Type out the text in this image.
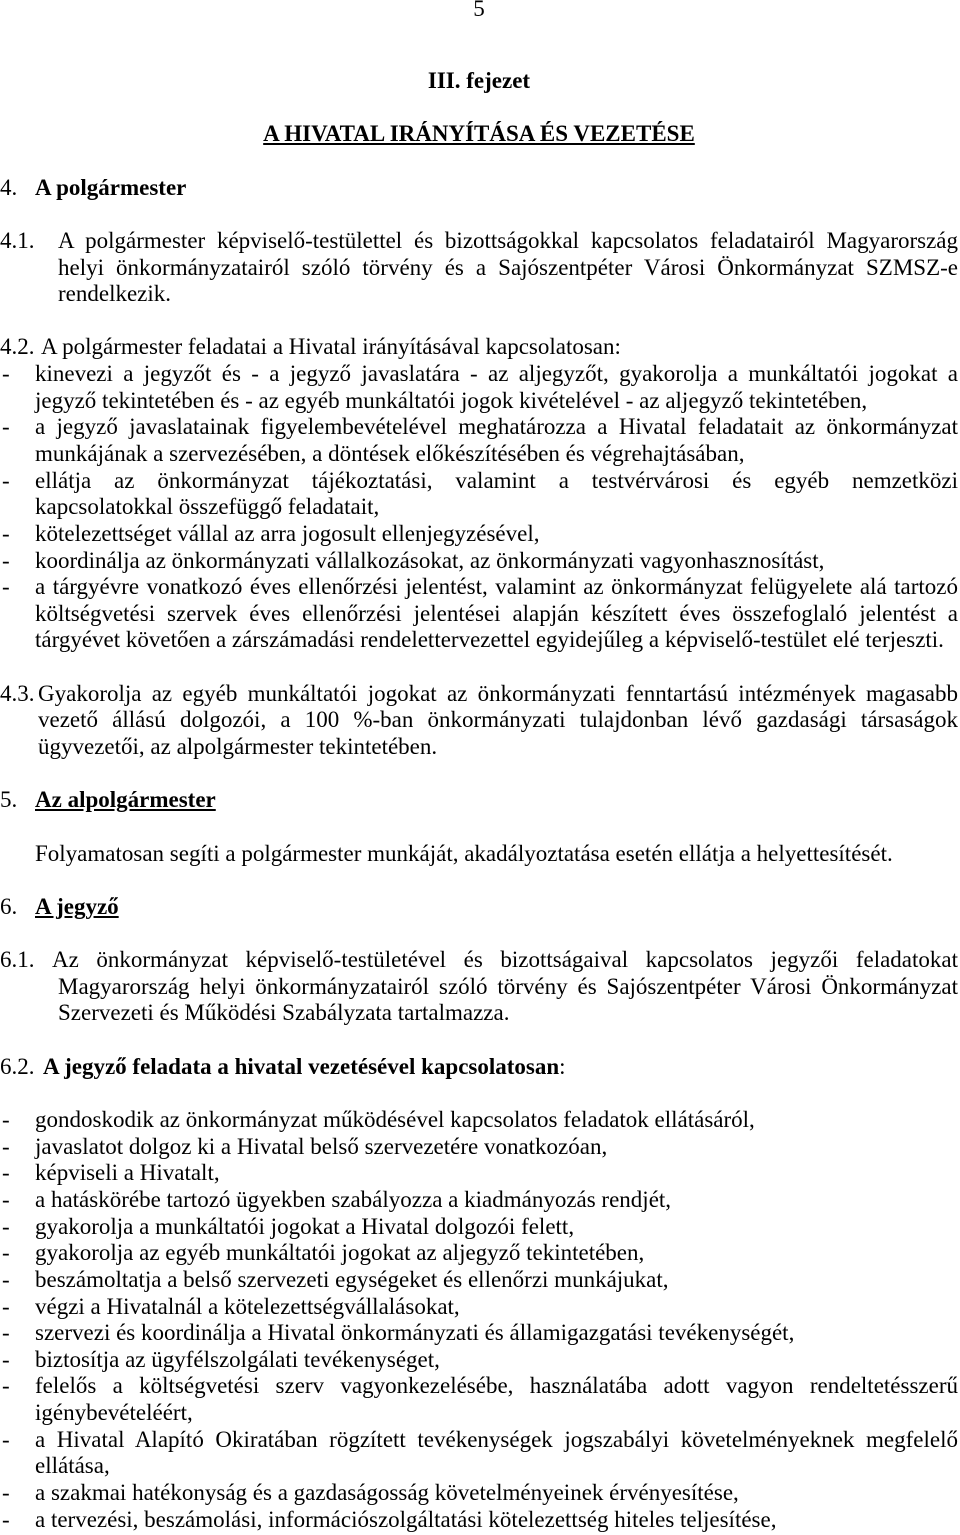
5
III. fejezet
A HIVATAL IRÁNYÍTÁSA ÉS VEZETÉSE
4. A polgármester
4.1. A polgármester képviselő-testülettel és bizottságokkal kapcsolatos feladatairól Magyarország
helyi önkormányzatairól szóló törvény és a Sajószentpéter Városi Önkormányzat SZMSZ-e
rendelkezik.
4.2. A polgármester feladatai a Hivatal irányításával kapcsolatosan:
- kinevezi a jegyzőt és - a jegyző javaslatára - az aljegyzőt, gyakorolja a munkáltatói jogokat a
jegyző tekintetében és - az egyéb munkáltatói jogok kivételével - az aljegyző tekintetében,
- a jegyző javaslatainak figyelembevételével meghatározza a Hivatal feladatait az önkormányzat
munkájának a szervezésében, a döntések előkészítésében és végrehajtásában,
- ellátja az önkormányzat tájékoztatási, valamint a testvérvárosi és egyéb nemzetközi
kapcsolatokkal összefüggő feladatait,
- kötelezettséget vállal az arra jogosult ellenjegyzésével,
- koordinálja az önkormányzati vállalkozásokat, az önkormányzati vagyonhasznosítást,
- a tárgyévre vonatkozó éves ellenőrzési jelentést, valamint az önkormányzat felügyelete alá tartozó
költségvetési szervek éves ellenőrzési jelentései alapján készített éves összefoglaló jelentést a
tárgyévet követően a zárszámadási rendelettervezettel egyidejűleg a képviselő-testület elé terjeszti.
4.3. Gyakorolja az egyéb munkáltatói jogokat az önkormányzati fenntartású intézmények magasabb
vezető állású dolgozói, a 100 %-ban önkormányzati tulajdonban lévő gazdasági társaságok
ügyvezetői, az alpolgármester tekintetében.
5. Az alpolgármester
Folyamatosan segíti a polgármester munkáját, akadályoztatása esetén ellátja a helyettesítését.
6. A jegyző
6.1. Az önkormányzat képviselő-testületével és bizottságaival kapcsolatos jegyzői feladatokat
Magyarország helyi önkormányzatairól szóló törvény és Sajószentpéter Városi Önkormányzat
Szervezeti és Működési Szabályzata tartalmazza.
6.2. A jegyző feladata a hivatal vezetésével kapcsolatosan:
- gondoskodik az önkormányzat működésével kapcsolatos feladatok ellátásáról,
- javaslatot dolgoz ki a Hivatal belső szervezetére vonatkozóan,
- képviseli a Hivatalt,
- a hatáskörébe tartozó ügyekben szabályozza a kiadmányozás rendjét,
- gyakorolja a munkáltatói jogokat a Hivatal dolgozói felett,
- gyakorolja az egyéb munkáltatói jogokat az aljegyző tekintetében,
- beszámoltatja a belső szervezeti egységeket és ellenőrzi munkájukat,
- végzi a Hivatalnál a kötelezettségvállalásokat,
- szervezi és koordinálja a Hivatal önkormányzati és államigazgatási tevékenységét,
- biztosítja az ügyfélszolgálati tevékenységet,
- felelős a költségvetési szerv vagyonkezelésébe, használatába adott vagyon rendeltetésszerű
igénybevételéért,
- a Hivatal Alapító Okiratában rögzített tevékenységek jogszabályi követelményeknek megfelelő
ellátása,
- a szakmai hatékonyság és a gazdaságosság követelményeinek érvényesítése,
- a tervezési, beszámolási, információszolgáltatási kötelezettség hiteles teljesítése,
